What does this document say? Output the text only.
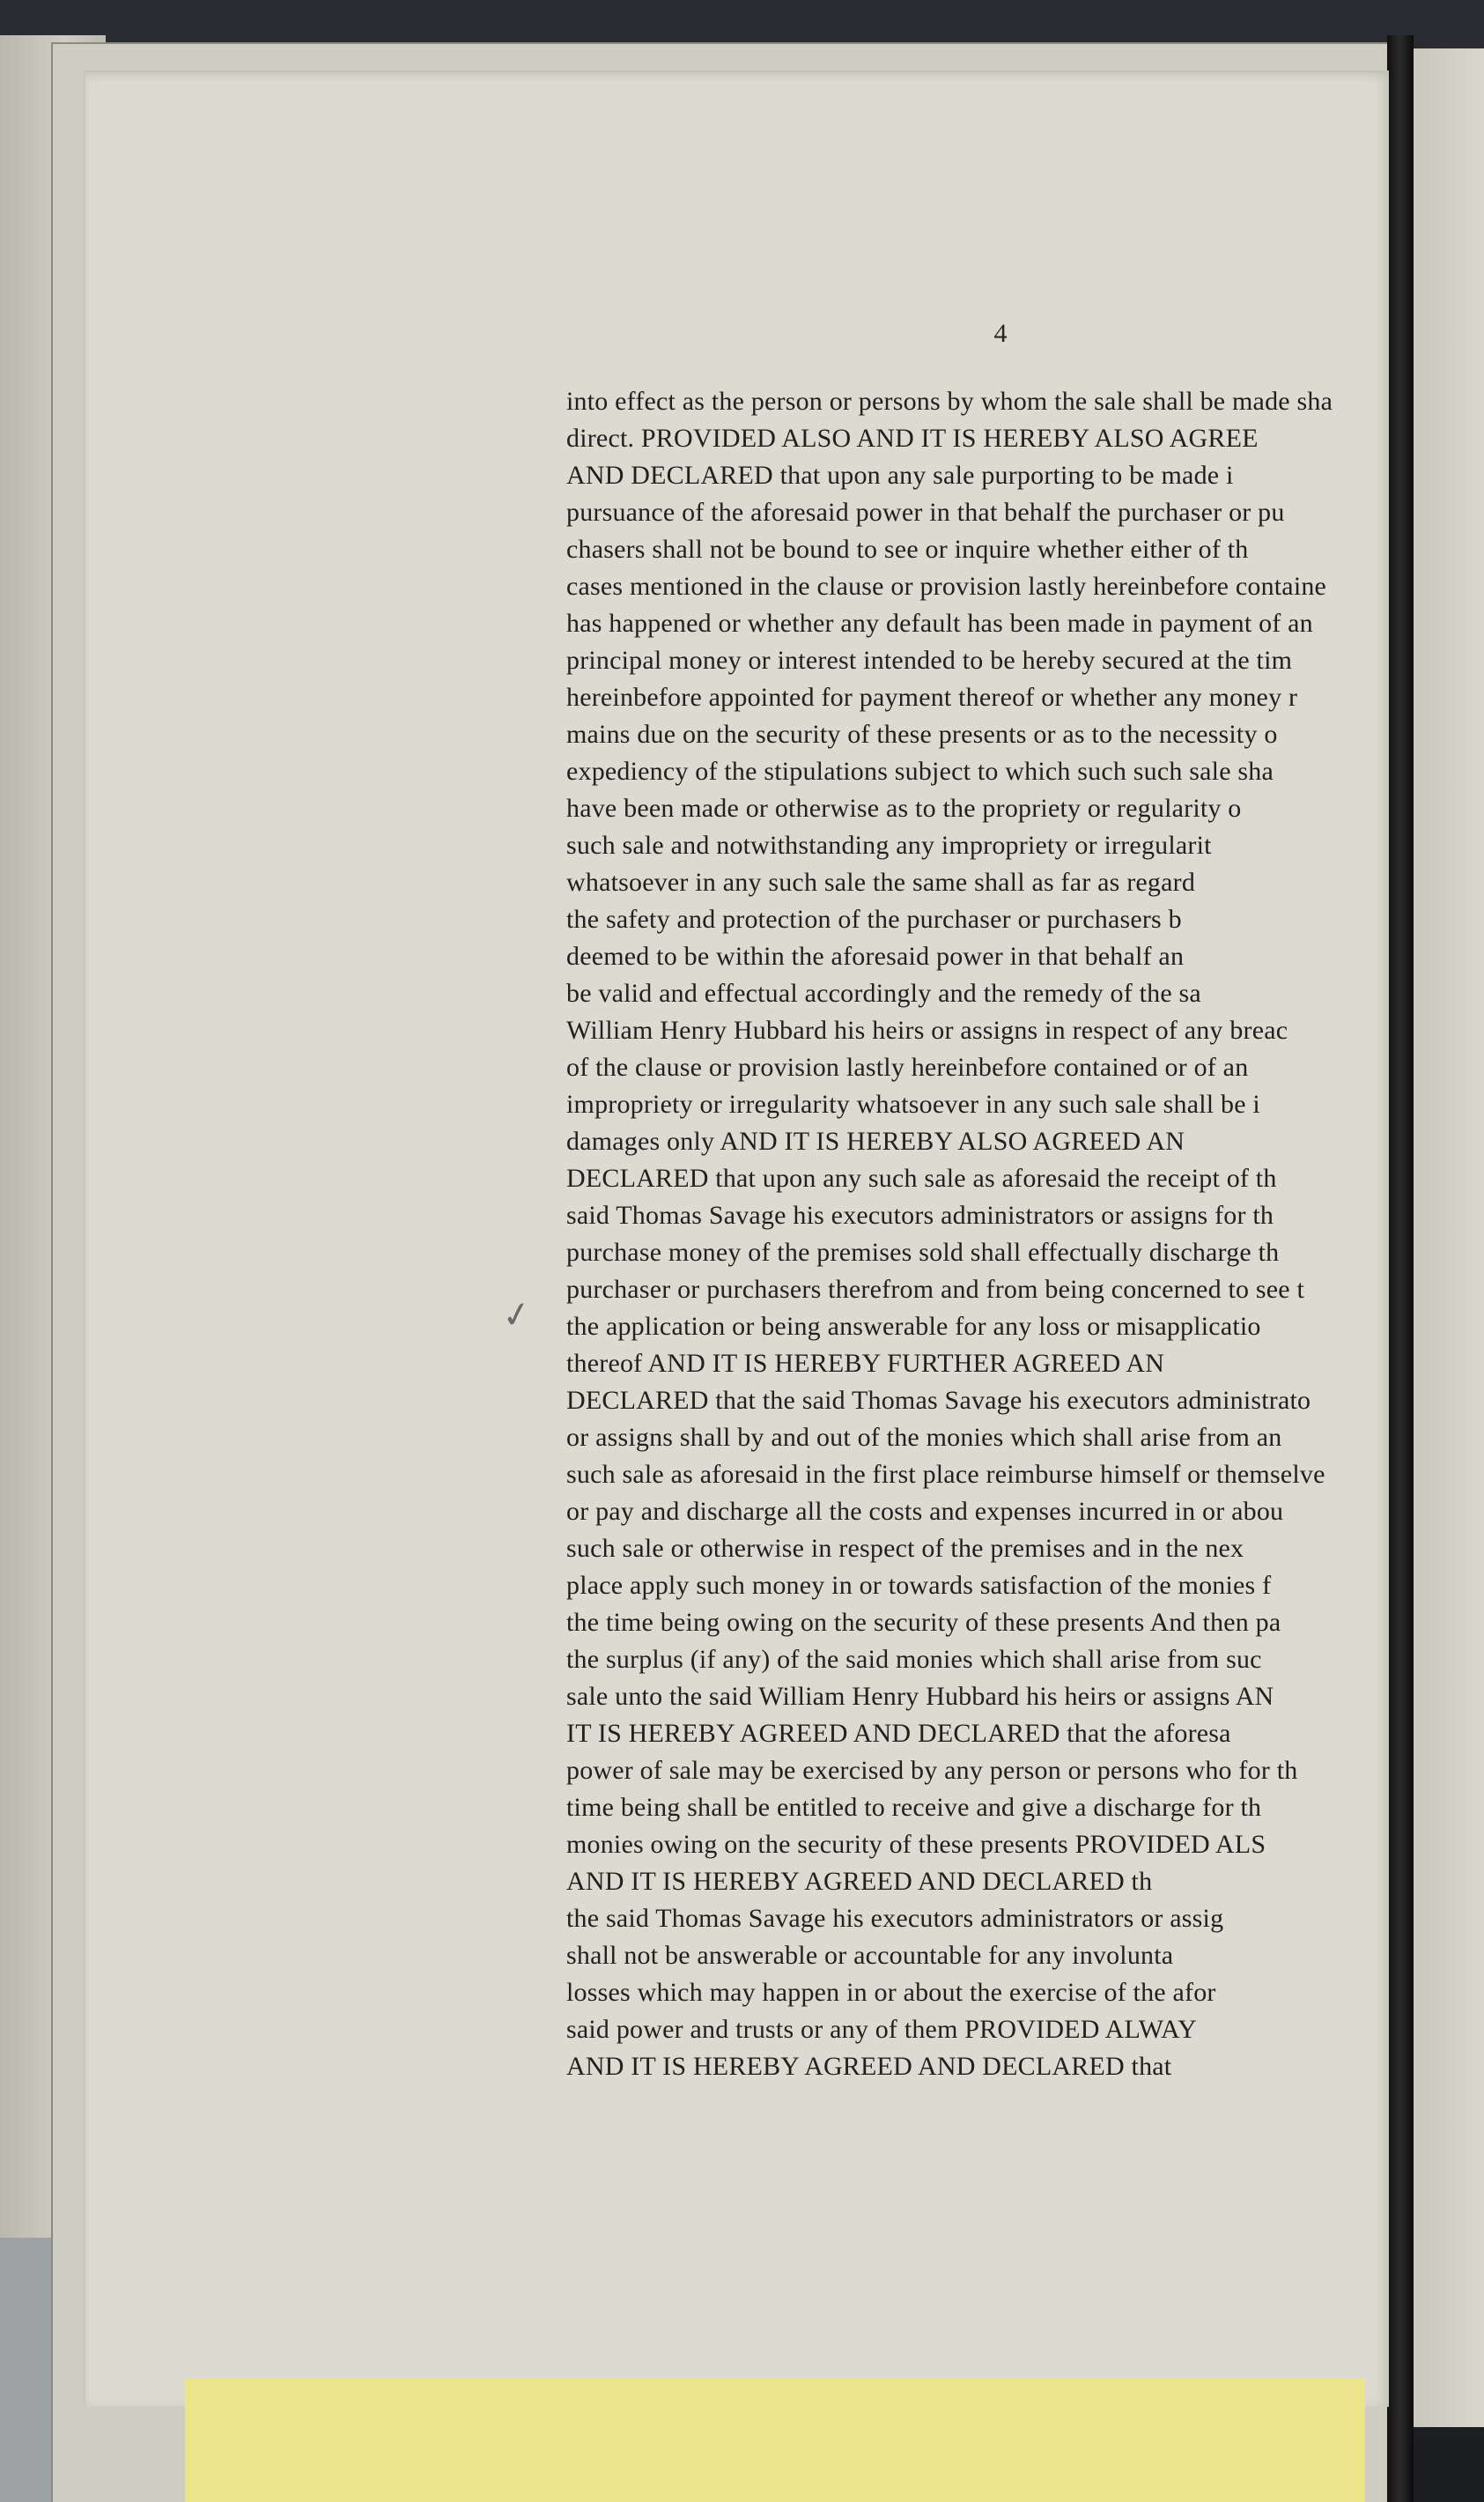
4
into effect as the person or persons by whom the sale shall be made sha
direct. PROVIDED ALSO AND IT IS HEREBY ALSO AGREE
AND DECLARED that upon any sale purporting to be made i
pursuance of the aforesaid power in that behalf the purchaser or pu
chasers shall not be bound to see or inquire whether either of th
cases mentioned in the clause or provision lastly hereinbefore containe
has happened or whether any default has been made in payment of an
principal money or interest intended to be hereby secured at the tim
hereinbefore appointed for payment thereof or whether any money r
mains due on the security of these presents or as to the necessity o
expediency of the stipulations subject to which such such sale sha
have been made or otherwise as to the propriety or regularity o
such sale and notwithstanding any impropriety or irregularit
whatsoever in any such sale the same shall as far as regard
the safety and protection of the purchaser or purchasers b
deemed to be within the aforesaid power in that behalf an
be valid and effectual accordingly and the remedy of the sa
William Henry Hubbard his heirs or assigns in respect of any breac
of the clause or provision lastly hereinbefore contained or of an
impropriety or irregularity whatsoever in any such sale shall be i
damages only AND IT IS HEREBY ALSO AGREED AN
DECLARED that upon any such sale as aforesaid the receipt of th
said Thomas Savage his executors administrators or assigns for th
purchase money of the premises sold shall effectually discharge th
purchaser or purchasers therefrom and from being concerned to see t
the application or being answerable for any loss or misapplicatio
thereof AND IT IS HEREBY FURTHER AGREED AN
DECLARED that the said Thomas Savage his executors administrato
or assigns shall by and out of the monies which shall arise from an
such sale as aforesaid in the first place reimburse himself or themselve
or pay and discharge all the costs and expenses incurred in or abou
such sale or otherwise in respect of the premises and in the nex
place apply such money in or towards satisfaction of the monies f
the time being owing on the security of these presents And then pa
the surplus (if any) of the said monies which shall arise from suc
sale unto the said William Henry Hubbard his heirs or assigns AN
IT IS HEREBY AGREED AND DECLARED that the aforesa
power of sale may be exercised by any person or persons who for th
time being shall be entitled to receive and give a discharge for th
monies owing on the security of these presents PROVIDED ALS
AND IT IS HEREBY AGREED AND DECLARED th
the said Thomas Savage his executors administrators or assig
shall not be answerable or accountable for any involunta
losses which may happen in or about the exercise of the afor
said power and trusts or any of them PROVIDED ALWAY
AND IT IS HEREBY AGREED AND DECLARED that
✓
